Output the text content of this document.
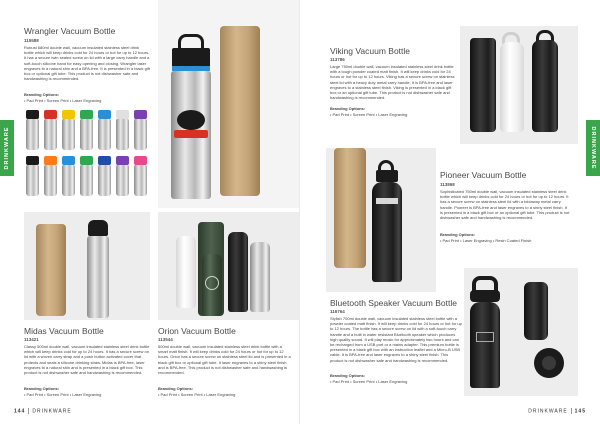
DRINKWARE
Wrangler Vacuum Bottle
115588
Robust 680ml double wall, vacuum insulated stainless steel drink bottle which will keep drinks cold for 24 hours or hot for up to 12 hours. It has a secure twin sealed screw on lid with a large carry handle and a soft-touch silicone band for easy opening and closing. Wrangler laser engraves to a natural shin and a BPA-free. It is presented in a black gift box or optional gift tube. This product is not dishwasher safe and handwashing is recommended.
Branding Options:
• Pad Print • Screen Print • Laser Engraving
Midas Vacuum Bottle
113421
Classy 500ml double wall, vacuum insulated stainless steel drink bottle which will keep drinks cold for up to 24 hours. It has a secure screw on lid with a woven carry strap and a push button activated cover that protects and seals a silicone drinking straw. Midas is BPA-free, laser engraves to a natural shin and is presented in a black gift box. This product is not dishwasher safe and handwashing is recommended.
Branding Options:
• Pad Print • Screen Print • Laser Engraving
Orion Vacuum Bottle
113544
500ml double wall, vacuum insulated stainless steel drink bottle with a smart matt finish. It will keep drinks cold for 24 hours or hot for up to 12 hours. Orion has a secure screw on stainless steel lid and is presented in a black gift box or optional gift tube. It laser engraves to a shiny steel finish and is BPA-free. This product is not dishwasher safe and handwashing is recommended.
Branding Options:
• Pad Print • Screen Print • Laser Engraving
144 DRINKWARE
DRINKWARE
Viking Vacuum Bottle
113786
Large 750ml double wall, vacuum insulated stainless steel drink bottle with a tough powder coated matt finish. It will keep drinks cold for 24 hours or hot for up to 12 hours. Viking has a secure screw on stainless steel lid with a heavy duty metal carry handle. It is BPA-free and laser engraves to a stainless steel finish. Viking is presented in a black gift box or an optional gift tube. This product is not dishwasher safe and handwashing is recommended.
Branding Options:
• Pad Print • Screen Print • Laser Engraving
Pioneer Vacuum Bottle
113868
Sophisticated 750ml double wall, vacuum insulated stainless steel drink bottle which will keep drinks cold for 24 hours or hot for up to 12 hours. It has a secure screw on stainless steel lid with a foldaway metal carry handle. Pioneer is BPA-free and laser engraves to a shiny steel finish. It is presented in a black gift box or an optional gift tube. This product is not dishwasher safe and handwashing is recommended.
Branding Options:
• Pad Print • Laser Engraving • Resin Coated Finish
Bluetooth Speaker Vacuum Bottle
116764
Stylish 700ml double wall, vacuum insulated stainless steel bottle with a powder coated matt finish. It will keep drinks cold for 24 hours or hot for up to 12 hours. The bottle has a secure screw on lid with a soft-touch carry handle and a built in water resistant Bluetooth speaker which produces high quality sound. It will play music for approximately two hours and can be recharged from a USB port or a mains adapter. This premium bottle is presented in a black gift box with an instruction leaflet and a Micro-B USB cable. It is BPA-free and laser engraves to a shiny steel finish. This product is not dishwasher safe and handwashing is recommended.
Branding Options:
• Pad Print • Screen Print • Laser Engraving
DRINKWARE 145
